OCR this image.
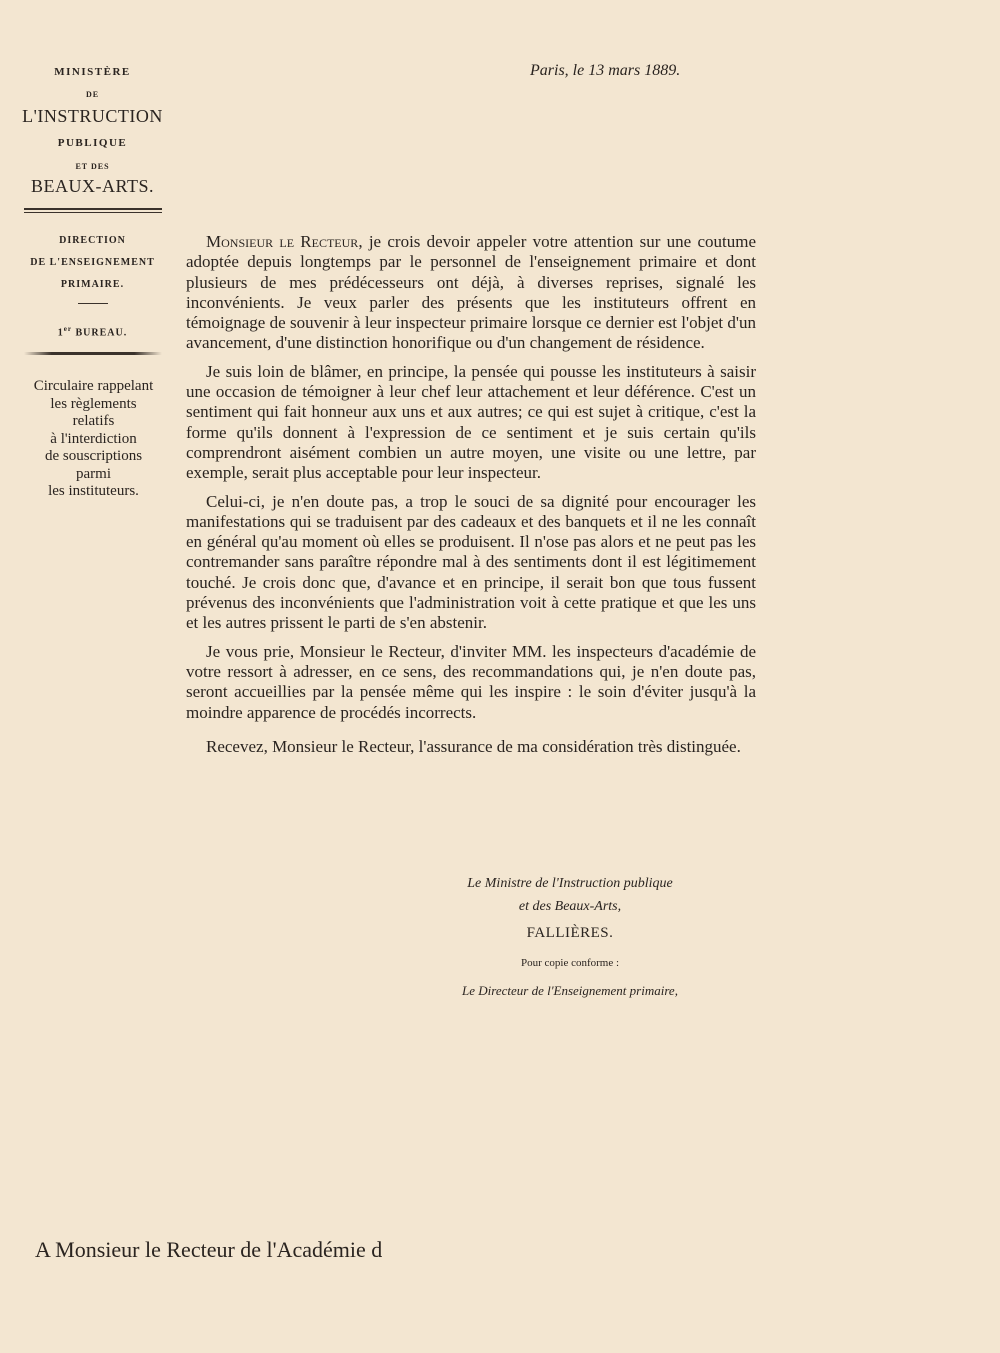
MINISTÈRE
DE
L'INSTRUCTION
PUBLIQUE
ET DES
BEAUX-ARTS.
DIRECTION
DE L'ENSEIGNEMENT
PRIMAIRE.
1er BUREAU.
Circulaire rappelant
les règlements
relatifs
à l'interdiction
de souscriptions
parmi
les instituteurs.
Paris, le 13 mars 1889.

Monsieur le Recteur, je crois devoir appeler votre attention sur une coutume adoptée depuis longtemps par le personnel de l'enseignement primaire et dont plusieurs de mes prédécesseurs ont déjà, à diverses reprises, signalé les inconvénients. Je veux parler des présents que les instituteurs offrent en témoignage de souvenir à leur inspecteur primaire lorsque ce dernier est l'objet d'un avancement, d'une distinction honorifique ou d'un changement de résidence.

Je suis loin de blâmer, en principe, la pensée qui pousse les instituteurs à saisir une occasion de témoigner à leur chef leur attachement et leur déférence. C'est un sentiment qui fait honneur aux uns et aux autres; ce qui est sujet à critique, c'est la forme qu'ils donnent à l'expression de ce sentiment et je suis certain qu'ils comprendront aisément combien un autre moyen, une visite ou une lettre, par exemple, serait plus acceptable pour leur inspecteur.

Celui-ci, je n'en doute pas, a trop le souci de sa dignité pour encourager les manifestations qui se traduisent par des cadeaux et des banquets et il ne les connaît en général qu'au moment où elles se produisent. Il n'ose pas alors et ne peut pas les contremander sans paraître répondre mal à des sentiments dont il est légitimement touché. Je crois donc que, d'avance et en principe, il serait bon que tous fussent prévenus des inconvénients que l'administration voit à cette pratique et que les uns et les autres prissent le parti de s'en abstenir.

Je vous prie, Monsieur le Recteur, d'inviter MM. les inspecteurs d'académie de votre ressort à adresser, en ce sens, des recommandations qui, je n'en doute pas, seront accueillies par la pensée même qui les inspire : le soin d'éviter jusqu'à la moindre apparence de procédés incorrects.

Recevez, Monsieur le Recteur, l'assurance de ma considération très distinguée.

Le Ministre de l'Instruction publique
et des Beaux-Arts,
FALLIÈRES.
Pour copie conforme :
Le Directeur de l'Enseignement primaire,
A Monsieur le Recteur de l'Académie d
